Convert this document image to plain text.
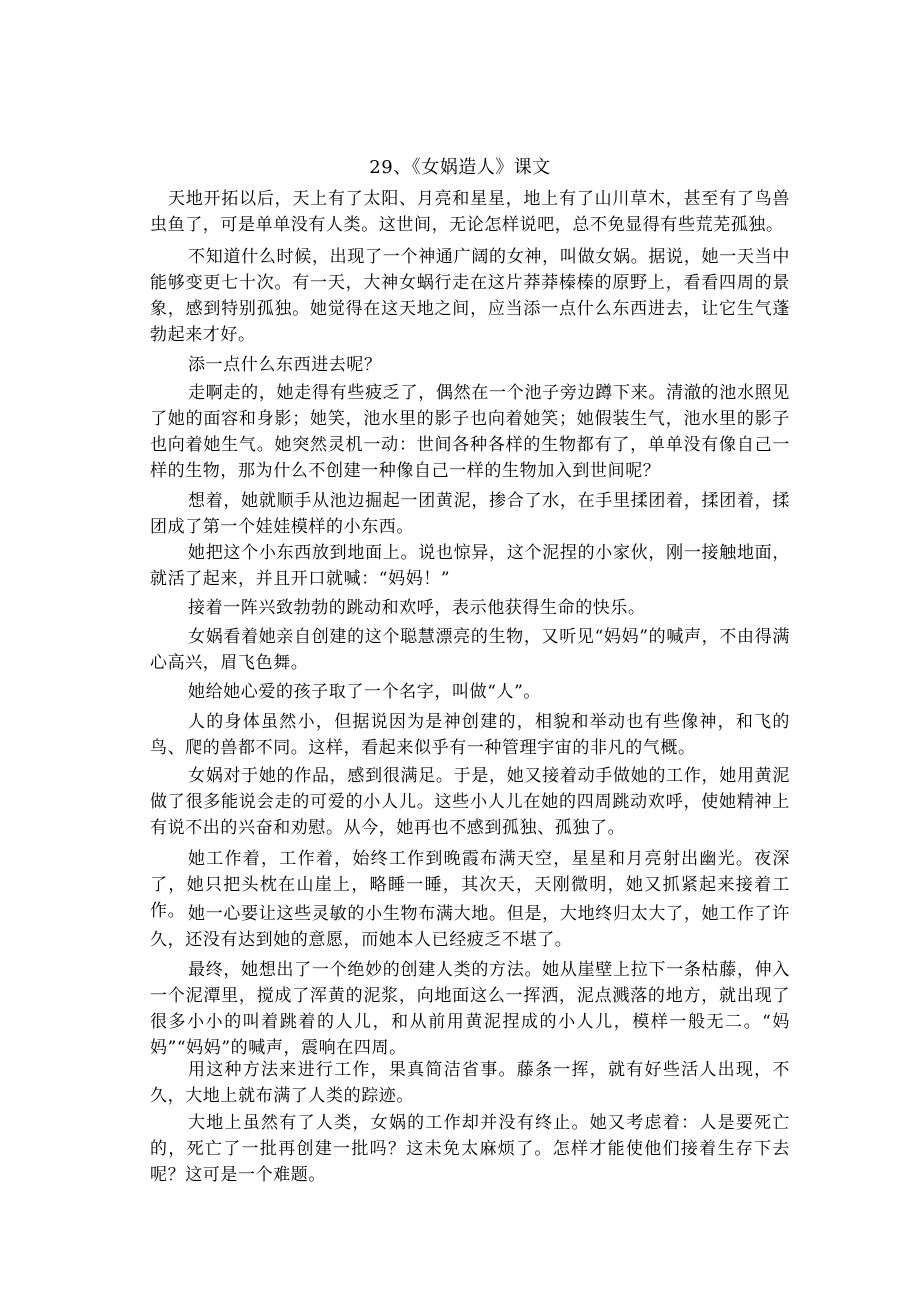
29、《女娲造人》课文

天地开拓以后，天上有了太阳、月亮和星星，地上有了山川草木，甚至有了鸟兽虫鱼了，可是单单没有人类。这世间，无论怎样说吧，总不免显得有些荒芜孤独。

不知道什么时候，出现了一个神通广阔的女神，叫做女娲。据说，她一天当中能够变更七十次。有一天，大神女蜗行走在这片莽莽榛榛的原野上，看看四周的景象，感到特别孤独。她觉得在这天地之间，应当添一点什么东西进去，让它生气蓬勃起来才好。

添一点什么东西进去呢？

走啊走的，她走得有些疲乏了，偶然在一个池子旁边蹲下来。清澈的池水照见了她的面容和身影；她笑，池水里的影子也向着她笑；她假装生气，池水里的影子也向着她生气。她突然灵机一动：世间各种各样的生物都有了，单单没有像自己一样的生物，那为什么不创建一种像自己一样的生物加入到世间呢？

想着，她就顺手从池边掘起一团黄泥，掺合了水，在手里揉团着，揉团着，揉团成了第一个娃娃模样的小东西。

她把这个小东西放到地面上。说也惊异，这个泥捏的小家伙，刚一接触地面，就活了起来，并且开口就喊：“妈妈！”

接着一阵兴致勃勃的跳动和欢呼，表示他获得生命的快乐。

女娲看着她亲自创建的这个聪慧漂亮的生物，又听见“妈妈”的喊声，不由得满心高兴，眉飞色舞。

她给她心爱的孩子取了一个名字，叫做“人”。

人的身体虽然小，但据说因为是神创建的，相貌和举动也有些像神，和飞的鸟、爬的兽都不同。这样，看起来似乎有一种管理宇宙的非凡的气概。

女娲对于她的作品，感到很满足。于是，她又接着动手做她的工作，她用黄泥做了很多能说会走的可爱的小人儿。这些小人儿在她的四周跳动欢呼，使她精神上有说不出的兴奋和劝慰。从今，她再也不感到孤独、孤独了。

她工作着，工作着，始终工作到晚霞布满天空，星星和月亮射出幽光。夜深了，她只把头枕在山崖上，略睡一睡，其次天，天刚微明，她又抓紧起来接着工作。 她一心要让这些灵敏的小生物布满大地。但是，大地终归太大了，她工作了许久，还没有达到她的意愿，而她本人已经疲乏不堪了。

最终，她想出了一个绝妙的创建人类的方法。她从崖壁上拉下一条枯藤，伸入一个泥潭里，搅成了浑黄的泥浆，向地面这么一挥洒，泥点溅落的地方，就出现了很多小小的叫着跳着的人儿，和从前用黄泥捏成的小人儿，模样一般无二。“妈妈”“妈妈”的喊声，震响在四周。

用这种方法来进行工作，果真简洁省事。藤条一挥，就有好些活人出现，不久，大地上就布满了人类的踪迹。

大地上虽然有了人类，女娲的工作却并没有终止。她又考虑着：人是要死亡的，死亡了一批再创建一批吗？这未免太麻烦了。怎样才能使他们接着生存下去呢？这可是一个难题。
